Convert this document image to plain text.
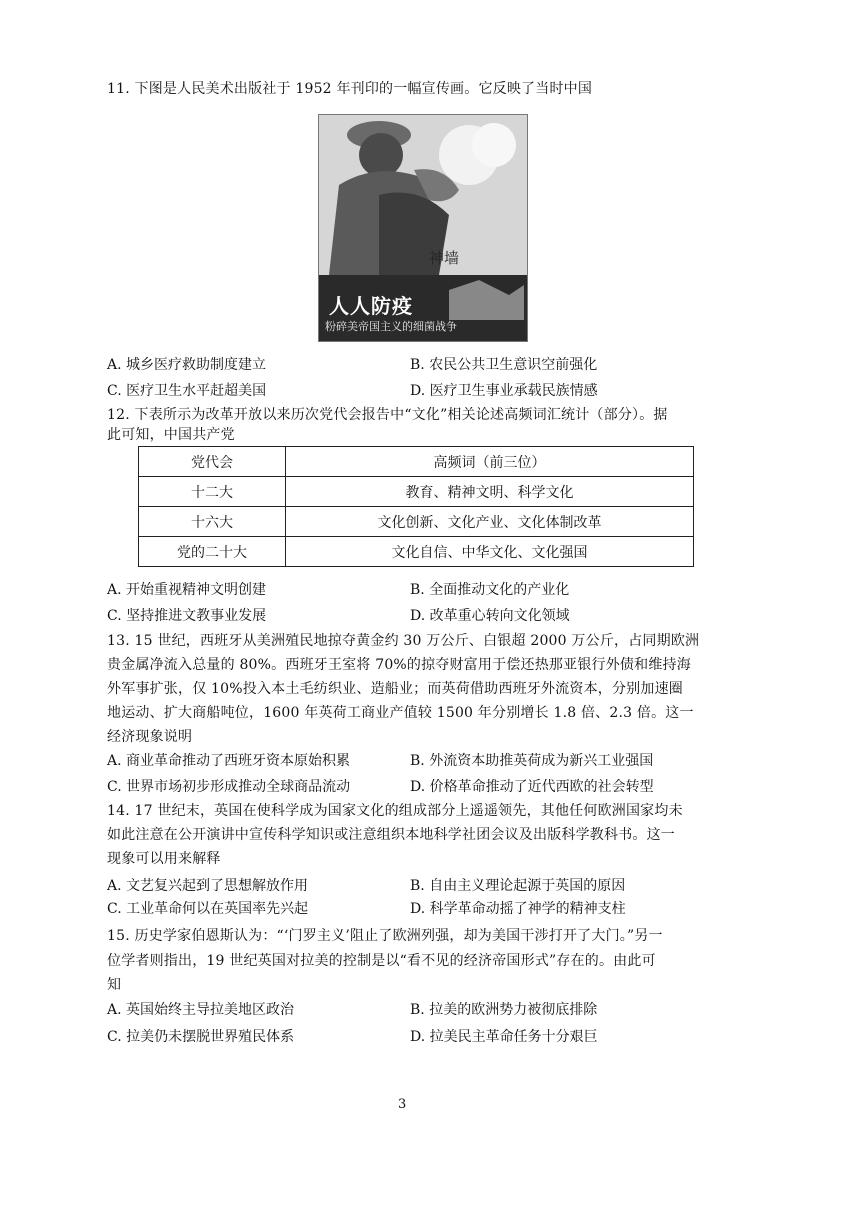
11. 下图是人民美术出版社于 1952 年刊印的一幅宣传画。它反映了当时中国
神墙
人人防疫
粉碎美帝国主义的细菌战争
A. 城乡医疗救助制度建立	B. 农民公共卫生意识空前强化
C. 医疗卫生水平赶超美国	D. 医疗卫生事业承载民族情感
12. 下表所示为改革开放以来历次党代会报告中“文化”相关论述高频词汇统计（部分）。据
此可知，中国共产党
党代会	高频词（前三位）
十二大	教育、精神文明、科学文化
十六大	文化创新、文化产业、文化体制改革
党的二十大	文化自信、中华文化、文化强国
A. 开始重视精神文明创建	B. 全面推动文化的产业化
C. 坚持推进文教事业发展	D. 改革重心转向文化领域
13. 15 世纪，西班牙从美洲殖民地掠夺黄金约 30 万公斤、白银超 2000 万公斤，占同期欧洲
贵金属净流入总量的 80%。西班牙王室将 70%的掠夺财富用于偿还热那亚银行外债和维持海
外军事扩张，仅 10%投入本土毛纺织业、造船业；而英荷借助西班牙外流资本，分别加速圈
地运动、扩大商船吨位，1600 年英荷工商业产值较 1500 年分别增长 1.8 倍、2.3 倍。这一
经济现象说明
A. 商业革命推动了西班牙资本原始积累	B. 外流资本助推英荷成为新兴工业强国
C. 世界市场初步形成推动全球商品流动	D. 价格革命推动了近代西欧的社会转型
14. 17 世纪末，英国在使科学成为国家文化的组成部分上遥遥领先，其他任何欧洲国家均未
如此注意在公开演讲中宣传科学知识或注意组织本地科学社团会议及出版科学教科书。这一
现象可以用来解释
A. 文艺复兴起到了思想解放作用	B. 自由主义理论起源于英国的原因
C. 工业革命何以在英国率先兴起	D. 科学革命动摇了神学的精神支柱
15. 历史学家伯恩斯认为：“‘门罗主义’阻止了欧洲列强，却为美国干涉打开了大门。”另一
位学者则指出，19 世纪英国对拉美的控制是以“看不见的经济帝国形式”存在的。由此可
知
A. 英国始终主导拉美地区政治	B. 拉美的欧洲势力被彻底排除
C. 拉美仍未摆脱世界殖民体系	D. 拉美民主革命任务十分艰巨
3
